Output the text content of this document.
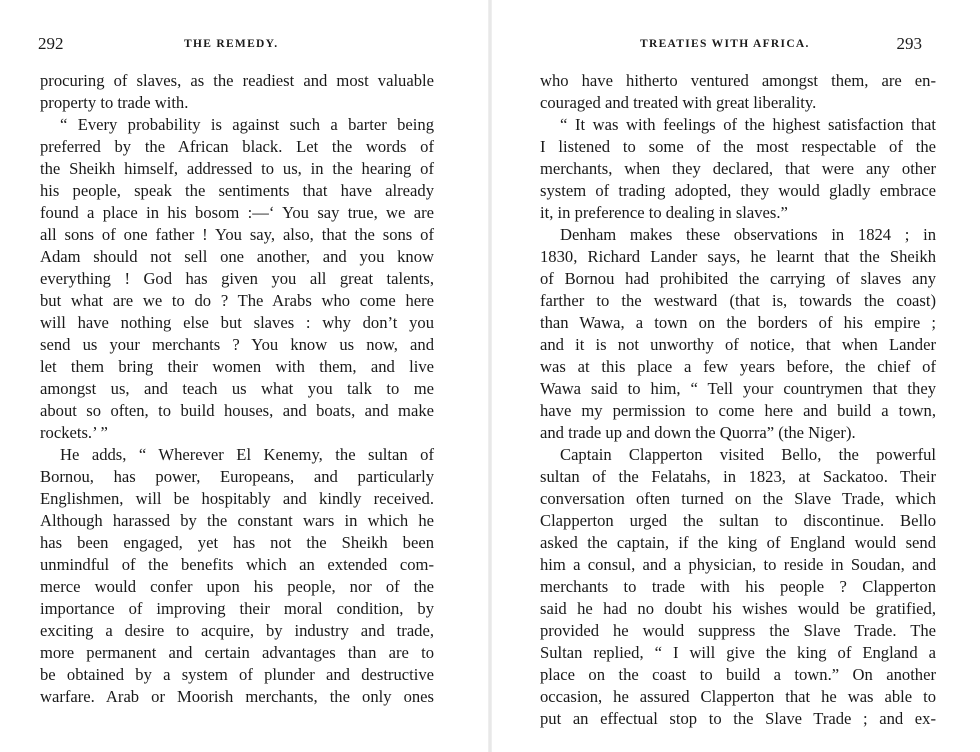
292	THE REMEDY.
procuring of slaves, as the readiest and most valuable
property to trade with.
“ Every probability is against such a barter being
preferred by the African black. Let the words of
the Sheikh himself, addressed to us, in the hearing of
his people, speak the sentiments that have already
found a place in his bosom :—‘ You say true, we are
all sons of one father ! You say, also, that the sons of
Adam should not sell one another, and you know
everything ! God has given you all great talents,
but what are we to do ? The Arabs who come here
will have nothing else but slaves : why don’t you
send us your merchants ? You know us now, and
let them bring their women with them, and live
amongst us, and teach us what you talk to me
about so often, to build houses, and boats, and make
rockets.’ ”
He adds, “ Wherever El Kenemy, the sultan of
Bornou, has power, Europeans, and particularly
Englishmen, will be hospitably and kindly received.
Although harassed by the constant wars in which he
has been engaged, yet has not the Sheikh been
unmindful of the benefits which an extended com-
merce would confer upon his people, nor of the
importance of improving their moral condition, by
exciting a desire to acquire, by industry and trade,
more permanent and certain advantages than are to
be obtained by a system of plunder and destructive
warfare. Arab or Moorish merchants, the only ones
TREATIES WITH AFRICA.	293
who have hitherto ventured amongst them, are en-
couraged and treated with great liberality.
“ It was with feelings of the highest satisfaction that
I listened to some of the most respectable of the
merchants, when they declared, that were any other
system of trading adopted, they would gladly embrace
it, in preference to dealing in slaves.”
Denham makes these observations in 1824 ; in
1830, Richard Lander says, he learnt that the Sheikh
of Bornou had prohibited the carrying of slaves any
farther to the westward (that is, towards the coast)
than Wawa, a town on the borders of his empire ;
and it is not unworthy of notice, that when Lander
was at this place a few years before, the chief of
Wawa said to him, “ Tell your countrymen that they
have my permission to come here and build a town,
and trade up and down the Quorra” (the Niger).
Captain Clapperton visited Bello, the powerful
sultan of the Felatahs, in 1823, at Sackatoo. Their
conversation often turned on the Slave Trade, which
Clapperton urged the sultan to discontinue. Bello
asked the captain, if the king of England would send
him a consul, and a physician, to reside in Soudan, and
merchants to trade with his people ? Clapperton
said he had no doubt his wishes would be gratified,
provided he would suppress the Slave Trade. The
Sultan replied, “ I will give the king of England a
place on the coast to build a town.” On another
occasion, he assured Clapperton that he was able to
put an effectual stop to the Slave Trade ; and ex-
